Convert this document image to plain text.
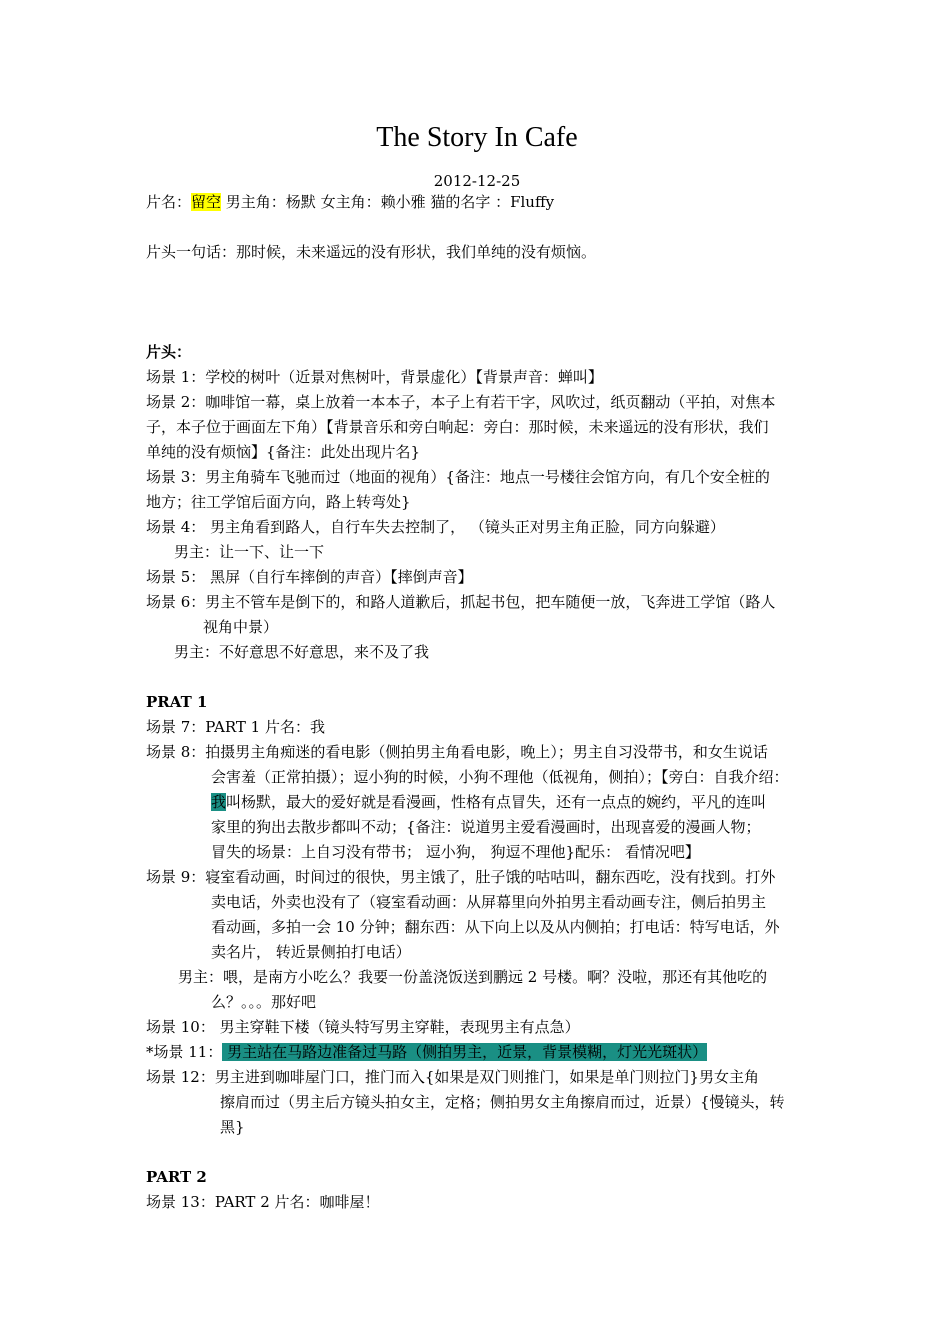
The Story In Cafe
2012-12-25
片名：留空 男主角：杨默 女主角：赖小雅 猫的名字 ：Fluffy
片头一句话：那时候，未来遥远的没有形状，我们单纯的没有烦恼。
片头：
场景 1：学校的树叶（近景对焦树叶，背景虚化）【背景声音：蝉叫】
场景 2：咖啡馆一幕，桌上放着一本本子，本子上有若干字，风吹过，纸页翻动（平拍，对焦本
子，本子位于画面左下角）【背景音乐和旁白响起：旁白：那时候，未来遥远的没有形状，我们
单纯的没有烦恼】{备注：此处出现片名}
场景 3：男主角骑车飞驰而过（地面的视角）{备注：地点一号楼往会馆方向，有几个安全桩的
地方；往工学馆后面方向，路上转弯处}
场景 4： 男主角看到路人，自行车失去控制了， （镜头正对男主角正脸，同方向躲避）
男主：让一下、让一下
场景 5： 黑屏（自行车摔倒的声音）【摔倒声音】
场景 6：男主不管车是倒下的，和路人道歉后，抓起书包，把车随便一放，飞奔进工学馆（路人
视角中景）
男主：不好意思不好意思，来不及了我
PRAT 1
场景 7：PART 1 片名：我
场景 8：拍摄男主角痴迷的看电影（侧拍男主角看电影，晚上）；男主自习没带书，和女生说话
会害羞（正常拍摄）；逗小狗的时候，小狗不理他（低视角，侧拍）；【旁白：自我介绍：
我叫杨默，最大的爱好就是看漫画，性格有点冒失，还有一点点的婉约，平凡的连叫
家里的狗出去散步都叫不动；{备注：说道男主爱看漫画时，出现喜爱的漫画人物；
冒失的场景：上自习没有带书； 逗小狗， 狗逗不理他}配乐： 看情况吧】
场景 9：寝室看动画，时间过的很快，男主饿了，肚子饿的咕咕叫，翻东西吃，没有找到。打外
卖电话，外卖也没有了（寝室看动画：从屏幕里向外拍男主看动画专注，侧后拍男主
看动画，多拍一会 10 分钟；翻东西：从下向上以及从内侧拍；打电话：特写电话，外
卖名片， 转近景侧拍打电话）
男主：喂，是南方小吃么？我要一份盖浇饭送到鹏远 2 号楼。啊？没啦，那还有其他吃的
么？。。。那好吧
场景 10： 男主穿鞋下楼（镜头特写男主穿鞋，表现男主有点急）
*场景 11： 男主站在马路边准备过马路（侧拍男主，近景，背景模糊，灯光光斑状）
场景 12：男主进到咖啡屋门口，推门而入{如果是双门则推门，如果是单门则拉门}男女主角
擦肩而过（男主后方镜头拍女主，定格；侧拍男女主角擦肩而过，近景）{慢镜头，转
黑}
PART 2
场景 13：PART 2 片名：咖啡屋！
